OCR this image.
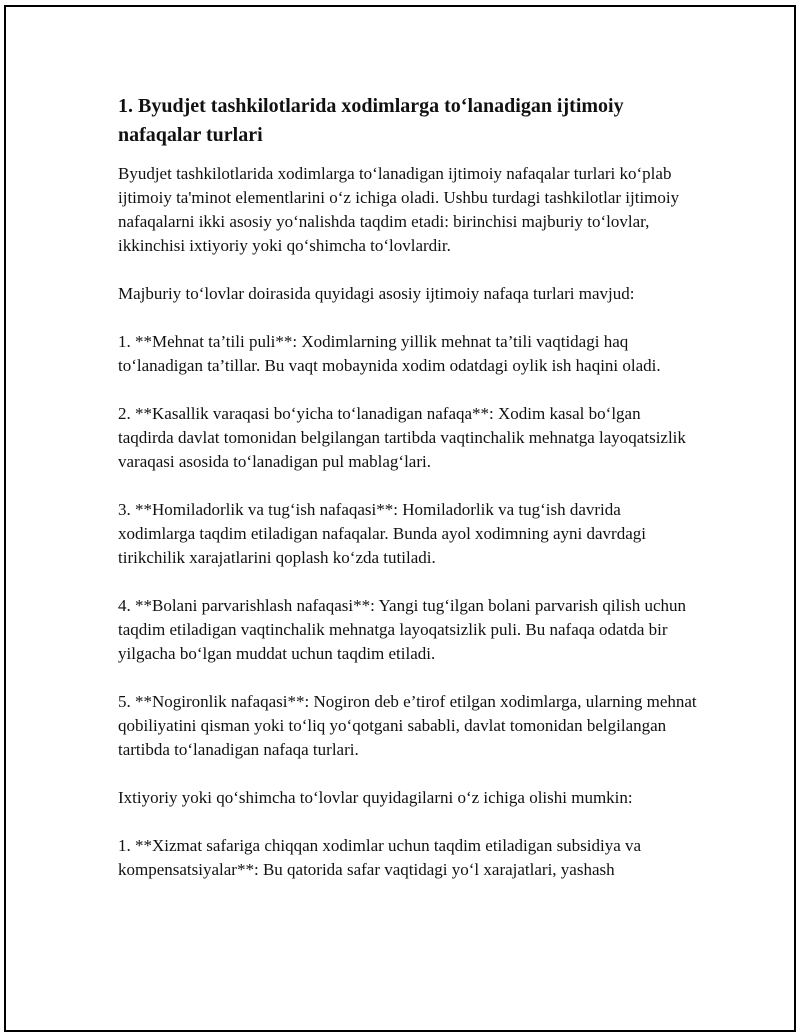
1. Byudjet tashkilotlarida xodimlarga to‘lanadigan ijtimoiy nafaqalar turlari

Byudjet tashkilotlarida xodimlarga to‘lanadigan ijtimoiy nafaqalar turlari ko‘plab ijtimoiy ta'minot elementlarini o‘z ichiga oladi. Ushbu turdagi tashkilotlar ijtimoiy nafaqalarni ikki asosiy yo‘nalishda taqdim etadi: birinchisi majburiy to‘lovlar, ikkinchisi ixtiyoriy yoki qo‘shimcha to‘lovlardir.

Majburiy to‘lovlar doirasida quyidagi asosiy ijtimoiy nafaqa turlari mavjud:

1. **Mehnat ta’tili puli**: Xodimlarning yillik mehnat ta’tili vaqtidagi haq to‘lanadigan ta’tillar. Bu vaqt mobaynida xodim odatdagi oylik ish haqini oladi.

2. **Kasallik varaqasi bo‘yicha to‘lanadigan nafaqa**: Xodim kasal bo‘lgan taqdirda davlat tomonidan belgilangan tartibda vaqtinchalik mehnatga layoqatsizlik varaqasi asosida to‘lanadigan pul mablag‘lari.

3. **Homiladorlik va tug‘ish nafaqasi**: Homiladorlik va tug‘ish davrida xodimlarga taqdim etiladigan nafaqalar. Bunda ayol xodimning ayni davrdagi tirikchilik xarajatlarini qoplash ko‘zda tutiladi.

4. **Bolani parvarishlash nafaqasi**: Yangi tug‘ilgan bolani parvarish qilish uchun taqdim etiladigan vaqtinchalik mehnatga layoqatsizlik puli. Bu nafaqa odatda bir yilgacha bo‘lgan muddat uchun taqdim etiladi.

5. **Nogironlik nafaqasi**: Nogiron deb e’tirof etilgan xodimlarga, ularning mehnat qobiliyatini qisman yoki to‘liq yo‘qotgani sababli, davlat tomonidan belgilangan tartibda to‘lanadigan nafaqa turlari.

Ixtiyoriy yoki qo‘shimcha to‘lovlar quyidagilarni o‘z ichiga olishi mumkin:

1. **Xizmat safariga chiqqan xodimlar uchun taqdim etiladigan subsidiya va kompensatsiyalar**: Bu qatorida safar vaqtidagi yo‘l xarajatlari, yashash
